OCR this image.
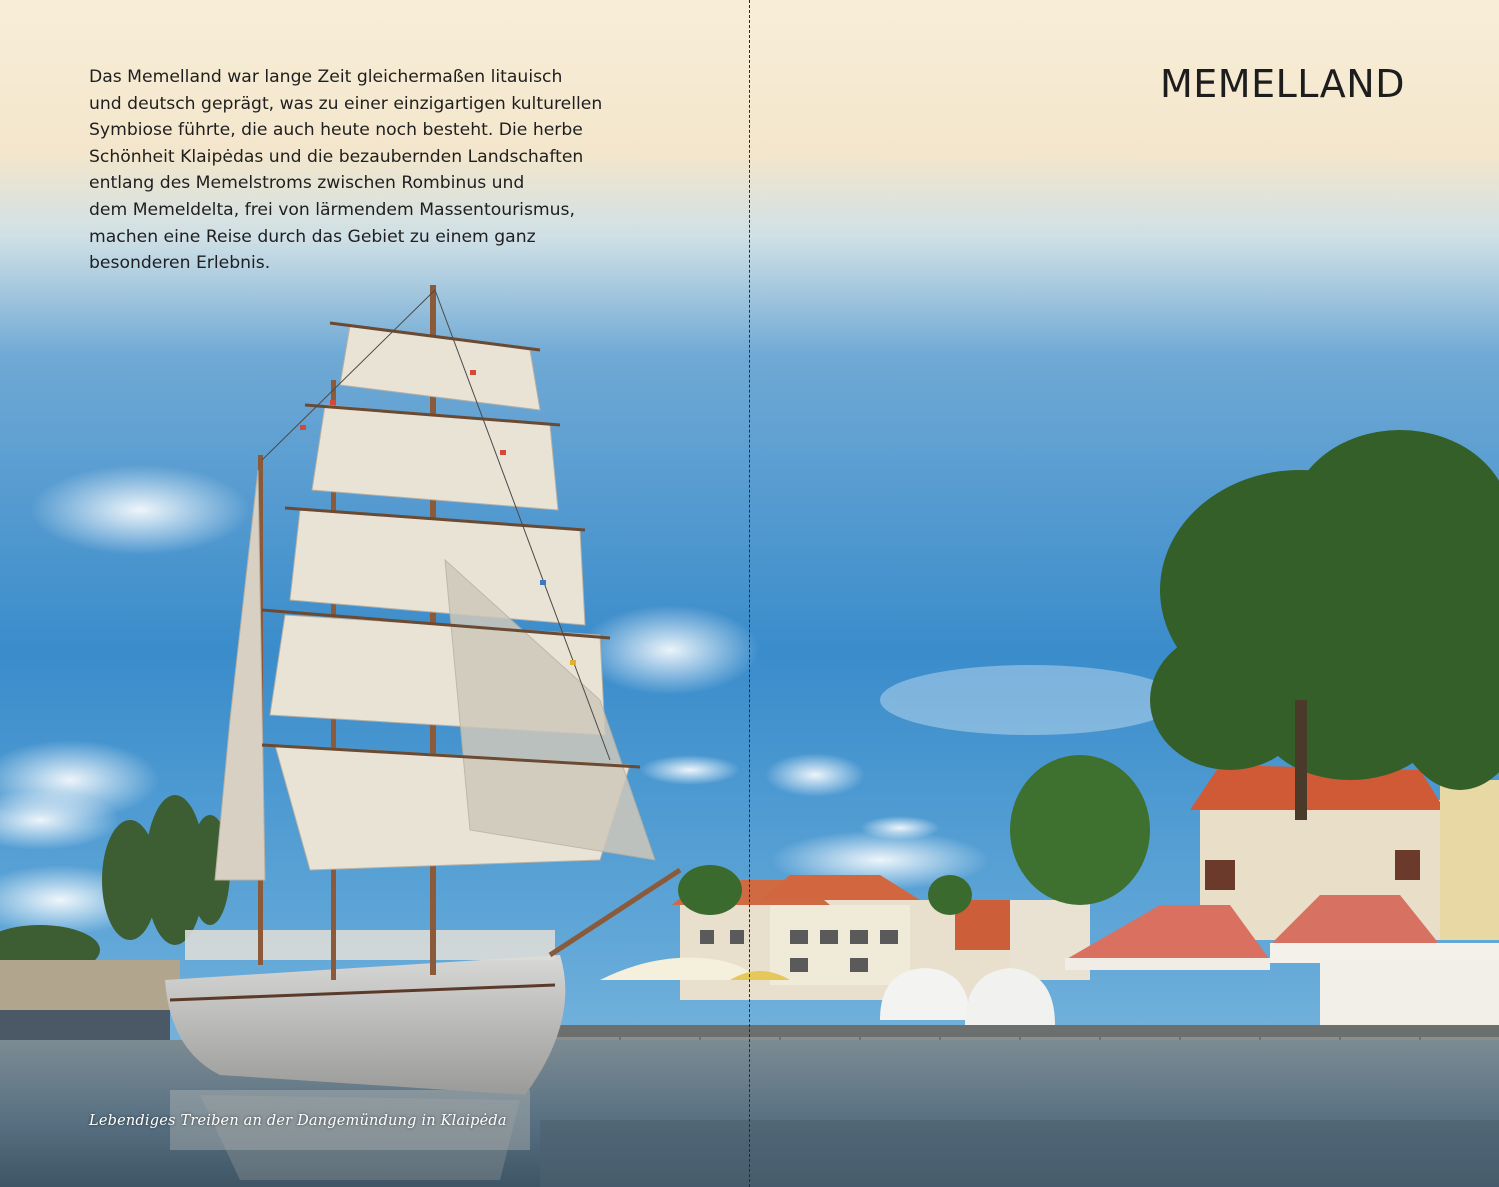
Das Memelland war lange Zeit gleichermaßen litauisch
und deutsch geprägt, was zu einer einzigartigen kulturellen
Symbiose führte, die auch heute noch besteht. Die herbe
Schönheit Klaipėdas und die bezaubernden Landschaften
entlang des Memelstroms zwischen Rombinus und
dem Memeldelta, frei von lärmendem Massentourismus,
machen eine Reise durch das Gebiet zu einem ganz
besonderen Erlebnis.
MEMELLAND
Lebendiges Treiben an der Dangemündung in Klaipėda
